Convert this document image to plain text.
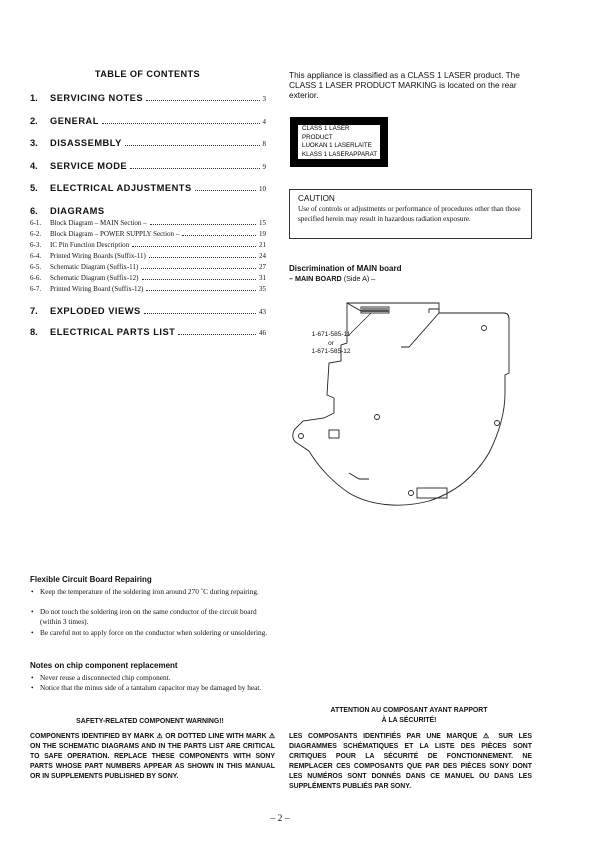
TABLE OF CONTENTS
1.	SERVICING NOTES	3
2.	GENERAL	4
3.	DISASSEMBLY	8
4.	SERVICE MODE	9
5.	ELECTRICAL ADJUSTMENTS	10
6.	DIAGRAMS
6-1.	Block Diagram – MAIN Section –	15
6-2.	Block Diagram – POWER SUPPLY Section –	19
6-3.	IC Pin Function Description	21
6-4.	Printed Wiring Boards (Suffix-11)	24
6-5.	Schematic Diagram (Suffix-11)	27
6-6.	Schematic Diagram (Suffix-12)	31
6-7.	Printed Wiring Board (Suffix-12)	35
7.	EXPLODED VIEWS	43
8.	ELECTRICAL PARTS LIST	46
This appliance is classified as a CLASS 1 LASER product. The CLASS 1 LASER PRODUCT MARKING is located on the rear exterior.
CLASS 1 LASER PRODUCT
LUOKAN 1 LASERLAITE
KLASS 1 LASERAPPARAT
CAUTION
Use of controls or adjustments or performance of procedures other than those specified herein may result in hazardous radiation exposure.
Discrimination of MAIN board
– MAIN BOARD (Side A) –
1-671-585-11
or
1-671-585-12
Flexible Circuit Board Repairing
• Keep the temperature of the soldering iron around 270 ˚C during repairing.
• Do not touch the soldering iron on the same conductor of the circuit board (within 3 times).
• Be careful not to apply force on the conductor when soldering or unsoldering.
Notes on chip component replacement
• Never reuse a disconnected chip component.
• Notice that the minus side of a tantalum capacitor may be damaged by heat.
SAFETY-RELATED COMPONENT WARNING!!
COMPONENTS IDENTIFIED BY MARK ⚠ OR DOTTED LINE WITH MARK ⚠ ON THE SCHEMATIC DIAGRAMS AND IN THE PARTS LIST ARE CRITICAL TO SAFE OPERATION. REPLACE THESE COMPONENTS WITH SONY PARTS WHOSE PART NUMBERS APPEAR AS SHOWN IN THIS MANUAL OR IN SUPPLEMENTS PUBLISHED BY SONY.
ATTENTION AU COMPOSANT AYANT RAPPORT
À LA SÉCURITÉ!
LES COMPOSANTS IDENTIFIÉS PAR UNE MARQUE ⚠ SUR LES DIAGRAMMES SCHÉMATIQUES ET LA LISTE DES PIÈCES SONT CRITIQUES POUR LA SÉCURITÉ DE FONCTIONNEMENT. NE REMPLACER CES COMPOSANTS QUE PAR DES PIÈCES SONY DONT LES NUMÉROS SONT DONNÉS DANS CE MANUEL OU DANS LES SUPPLÉMENTS PUBLIÉS PAR SONY.
– 2 –
